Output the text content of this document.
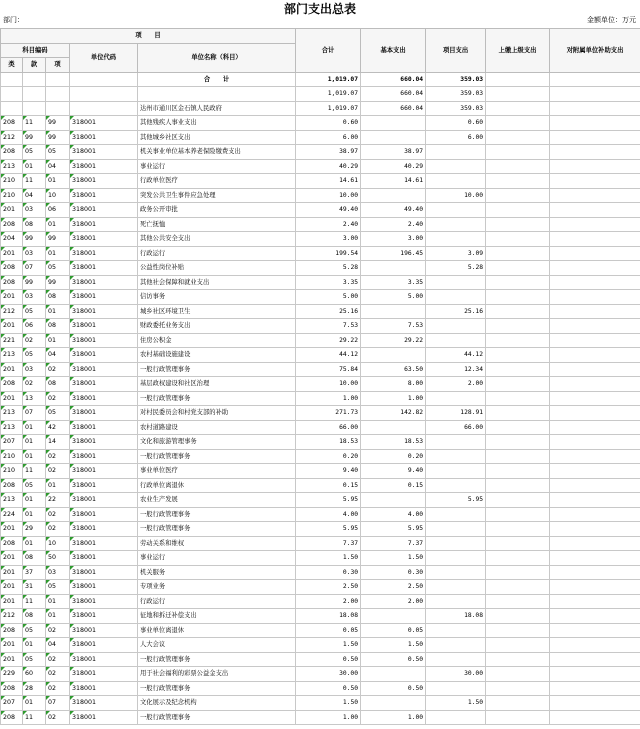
部门支出总表
部门：	金额单位：万元
项　　目					合计	基本支出	项目支出	上缴上级支出	对附属单位补助支出
科目编码			单位代码	单位名称（科目）					
类	款	项							
				合　　计	1,019.07	660.04	359.03		
					1,019.07	660.04	359.03		
				达州市通川区金石镇人民政府	1,019.07	660.04	359.03		
208	11	99	318001	其他残疾人事业支出	0.60		0.60		
212	99	99	318001	其他城乡社区支出	6.00		6.00		
208	05	05	318001	机关事业单位基本养老保险缴费支出	38.97	38.97			
213	01	04	318001	事业运行	40.29	40.29			
210	11	01	318001	行政单位医疗	14.61	14.61			
210	04	10	318001	突发公共卫生事件应急处理	10.00		10.00		
201	03	06	318001	政务公开审批	49.40	49.40			
208	08	01	318001	死亡抚恤	2.40	2.40			
204	99	99	318001	其他公共安全支出	3.00	3.00			
201	03	01	318001	行政运行	199.54	196.45	3.09		
208	07	05	318001	公益性岗位补贴	5.28		5.28		
208	99	99	318001	其他社会保障和就业支出	3.35	3.35			
201	03	08	318001	信访事务	5.00	5.00			
212	05	01	318001	城乡社区环境卫生	25.16		25.16		
201	06	08	318001	财政委托业务支出	7.53	7.53			
221	02	01	318001	住房公积金	29.22	29.22			
213	05	04	318001	农村基础设施建设	44.12		44.12		
201	03	02	318001	一般行政管理事务	75.84	63.50	12.34		
208	02	08	318001	基层政权建设和社区治理	10.00	8.00	2.00		
201	13	02	318001	一般行政管理事务	1.00	1.00			
213	07	05	318001	对村民委员会和村党支部的补助	271.73	142.82	128.91		
213	01	42	318001	农村道路建设	66.00		66.00		
207	01	14	318001	文化和旅游管理事务	18.53	18.53			
210	01	02	318001	一般行政管理事务	0.20	0.20			
210	11	02	318001	事业单位医疗	9.40	9.40			
208	05	01	318001	行政单位离退休	0.15	0.15			
213	01	22	318001	农业生产发展	5.95		5.95		
224	01	02	318001	一般行政管理事务	4.00	4.00			
201	29	02	318001	一般行政管理事务	5.95	5.95			
208	01	10	318001	劳动关系和维权	7.37	7.37			
201	08	50	318001	事业运行	1.50	1.50			
201	37	03	318001	机关服务	0.30	0.30			
201	31	05	318001	专项业务	2.50	2.50			
201	11	01	318001	行政运行	2.00	2.00			
212	08	01	318001	征地和拆迁补偿支出	18.08		18.08		
208	05	02	318001	事业单位离退休	0.05	0.05			
201	01	04	318001	人大会议	1.50	1.50			
201	05	02	318001	一般行政管理事务	0.50	0.50			
229	60	02	318001	用于社会福利的彩票公益金支出	30.00		30.00		
208	28	02	318001	一般行政管理事务	0.50	0.50			
207	01	07	318001	文化展示及纪念机构	1.50		1.50		
208	11	02	318001	一般行政管理事务	1.00	1.00			
